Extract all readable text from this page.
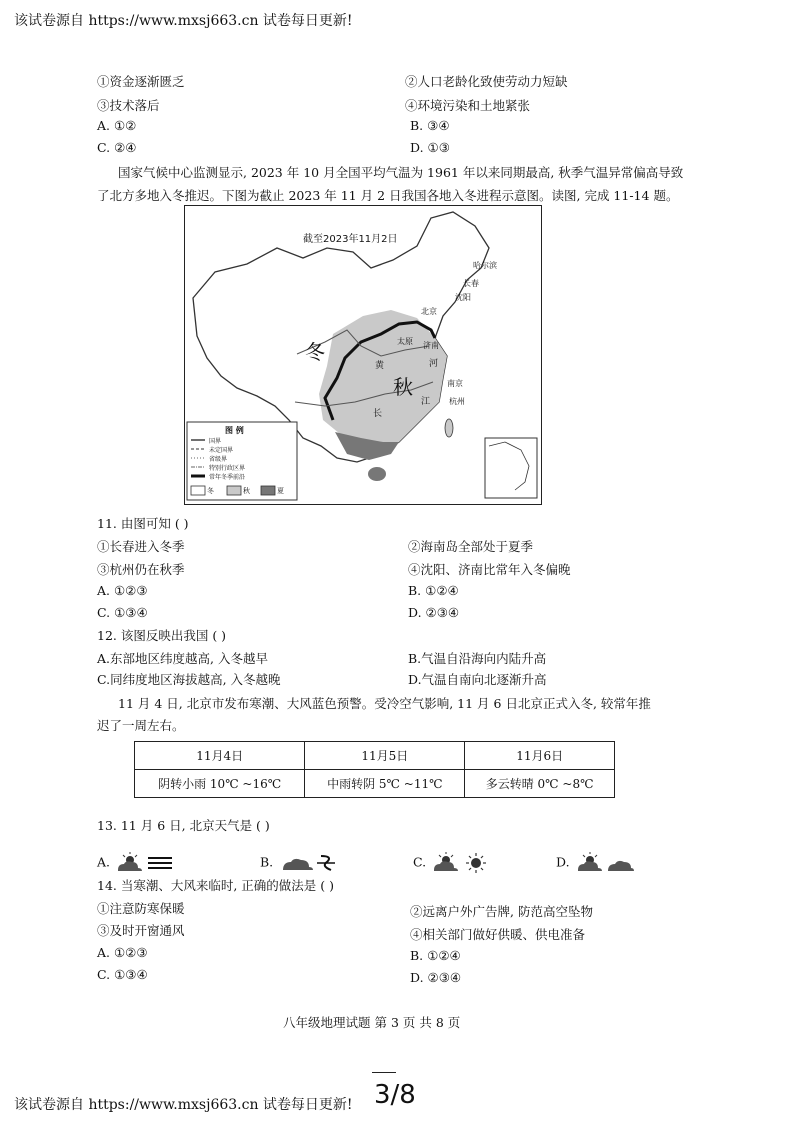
该试卷源自 https://www.mxsj663.cn 试卷每日更新!
①资金逐渐匮乏	②人口老龄化致使劳动力短缺
③技术落后	④环境污染和土地紧张
A. ①②	B. ③④
C. ②④	D. ①③
国家气候中心监测显示, 2023 年 10 月全国平均气温为 1961 年以来同期最高, 秋季气温异常偏高导致
了北方多地入冬推迟。下图为截止 2023 年 11 月 2 日我国各地入冬进程示意图。读图, 完成 11-14 题。
截至2023年11月2日
冬
秋
哈尔滨
长春
沈阳
北京
太原 济南
南京
杭州
黄	河
长
江
图 例
国界
未定国界
省级界
特别行政区界
常年冬季前沿
冬	秋	夏
11. 由图可知 ( )
①长春进入冬季	②海南岛全部处于夏季
③杭州仍在秋季	④沈阳、济南比常年入冬偏晚
A. ①②③	B. ①②④
C. ①③④	D. ②③④
12. 该图反映出我国 ( )
A.东部地区纬度越高, 入冬越早	B.气温自沿海向内陆升高
C.同纬度地区海拔越高, 入冬越晚	D.气温自南向北逐渐升高
11 月 4 日, 北京市发布寒潮、大风蓝色预警。受冷空气影响, 11 月 6 日北京正式入冬, 较常年推
迟了一周左右。
11月4日	11月5日	11月6日
阴转小雨 10℃ ~16℃	中雨转阴 5℃ ~11℃	多云转晴 0℃ ~8℃
13. 11 月 6 日, 北京天气是 ( )
A.	B.	C.	D.
14. 当寒潮、大风来临时, 正确的做法是 ( )
①注意防寒保暖	②远离户外广告牌, 防范高空坠物
③及时开窗通风	④相关部门做好供暖、供电准备
A. ①②③	B. ①②④
C. ①③④	D. ②③④
八年级地理试题 第 3 页 共 8 页
3/8
该试卷源自 https://www.mxsj663.cn 试卷每日更新!
